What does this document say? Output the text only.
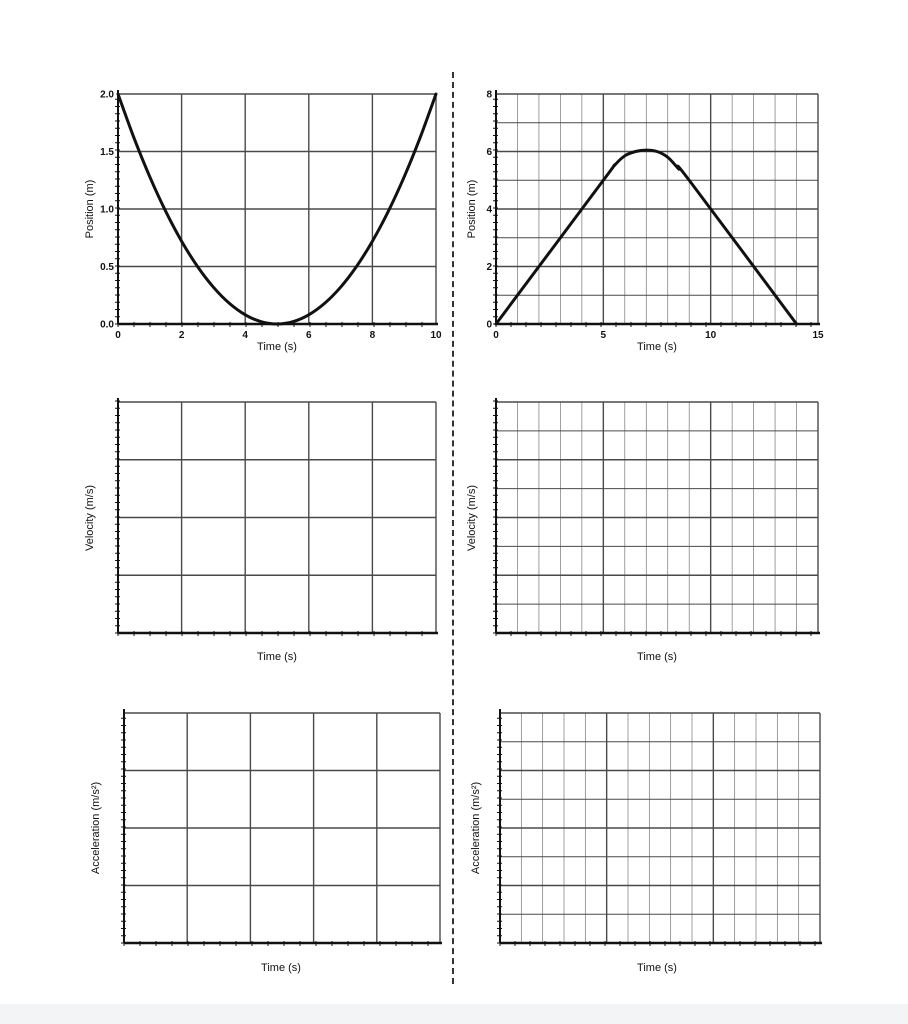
0	2	4	6	8	10
0.0
0.5
1.0
1.5
2.0
0	5	10	15
0
2
4
6
8
Position (m)
Time (s)
Position (m)
Time (s)
Velocity (m/s)
Time (s)
Velocity (m/s)
Time (s)
Acceleration (m/s²)
Time (s)
Acceleration (m/s²)
Time (s)
